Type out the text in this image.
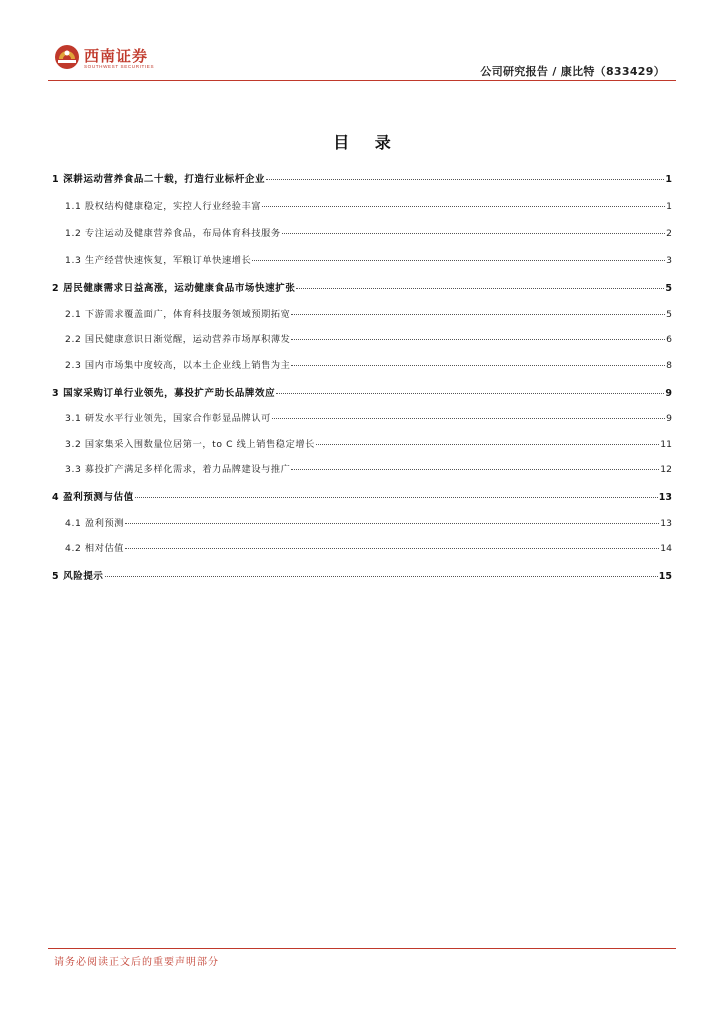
西南证券
SOUTHWEST SECURITIES	公司研究报告 / 康比特（833429）
目 录
1 深耕运动营养食品二十载，打造行业标杆企业	1
1.1 股权结构健康稳定，实控人行业经验丰富	1
1.2 专注运动及健康营养食品，布局体育科技服务	2
1.3 生产经营快速恢复，军粮订单快速增长	3
2 居民健康需求日益高涨，运动健康食品市场快速扩张	5
2.1 下游需求覆盖面广，体育科技服务领域预期拓宽	5
2.2 国民健康意识日渐觉醒，运动营养市场厚积薄发	6
2.3 国内市场集中度较高，以本土企业线上销售为主	8
3 国家采购订单行业领先，募投扩产助长品牌效应	9
3.1 研发水平行业领先，国家合作彰显品牌认可	9
3.2 国家集采入围数量位居第一，to C 线上销售稳定增长	11
3.3 募投扩产满足多样化需求，着力品牌建设与推广	12
4 盈利预测与估值	13
4.1 盈利预测	13
4.2 相对估值	14
5 风险提示	15
请务必阅读正文后的重要声明部分
